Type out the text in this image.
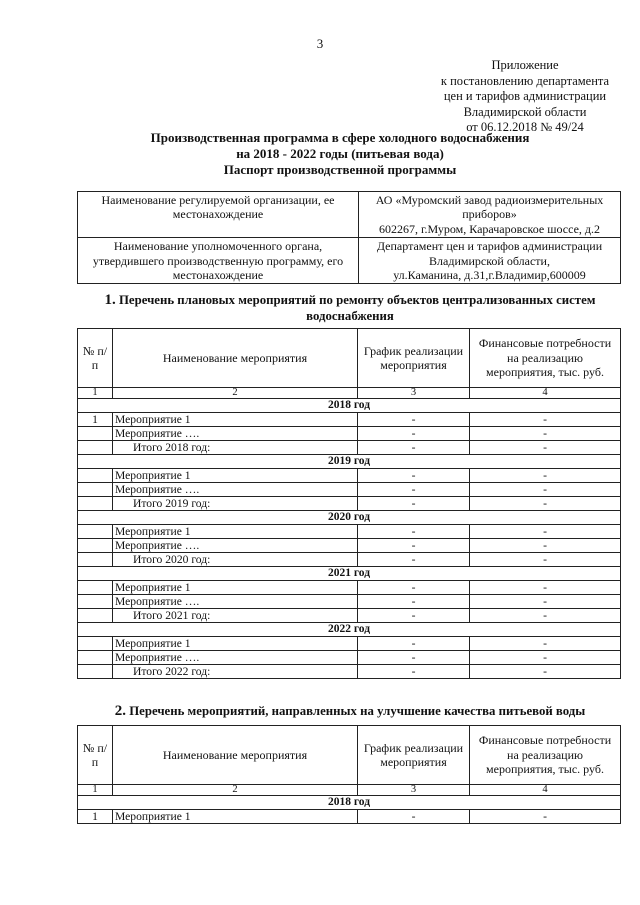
3
Приложение
к постановлению департамента
цен и тарифов администрации
Владимирской области
от 06.12.2018 № 49/24
Производственная программа в сфере холодного водоснабжения
на 2018 - 2022 годы (питьевая вода)
Паспорт производственной программы
Наименование регулируемой организации, ее местонахождение	АО «Муромский завод радиоизмерительных приборов»
602267, г.Муром, Карачаровское шоссе, д.2

Наименование уполномоченного органа, утвердившего производственную программу, его местонахождение	Департамент цен и тарифов администрации Владимирской области,
ул.Каманина, д.31,г.Владимир,600009
1. Перечень плановых мероприятий по ремонту объектов централизованных систем водоснабжения
№ п/п	Наименование мероприятия	График реализации мероприятия	Финансовые потребности на реализацию мероприятия, тыс. руб.
1	2	3	4
2018 год			
1	Мероприятие 1	-	-
	Мероприятие ….	-	-
	Итого 2018 год:	-	-
2019 год			
	Мероприятие 1	-	-
	Мероприятие ….	-	-
	Итого 2019 год:	-	-
2020 год			
	Мероприятие 1	-	-
	Мероприятие ….	-	-
	Итого 2020 год:	-	-
2021 год			
	Мероприятие 1	-	-
	Мероприятие ….	-	-
	Итого 2021 год:	-	-
2022 год			
	Мероприятие 1	-	-
	Мероприятие ….	-	-
	Итого 2022 год:	-	-
2. Перечень мероприятий, направленных на улучшение качества питьевой воды
№ п/п	Наименование мероприятия	График реализации мероприятия	Финансовые потребности на реализацию мероприятия, тыс. руб.
1	2	3	4
2018 год			
1	Мероприятие 1	-	-
